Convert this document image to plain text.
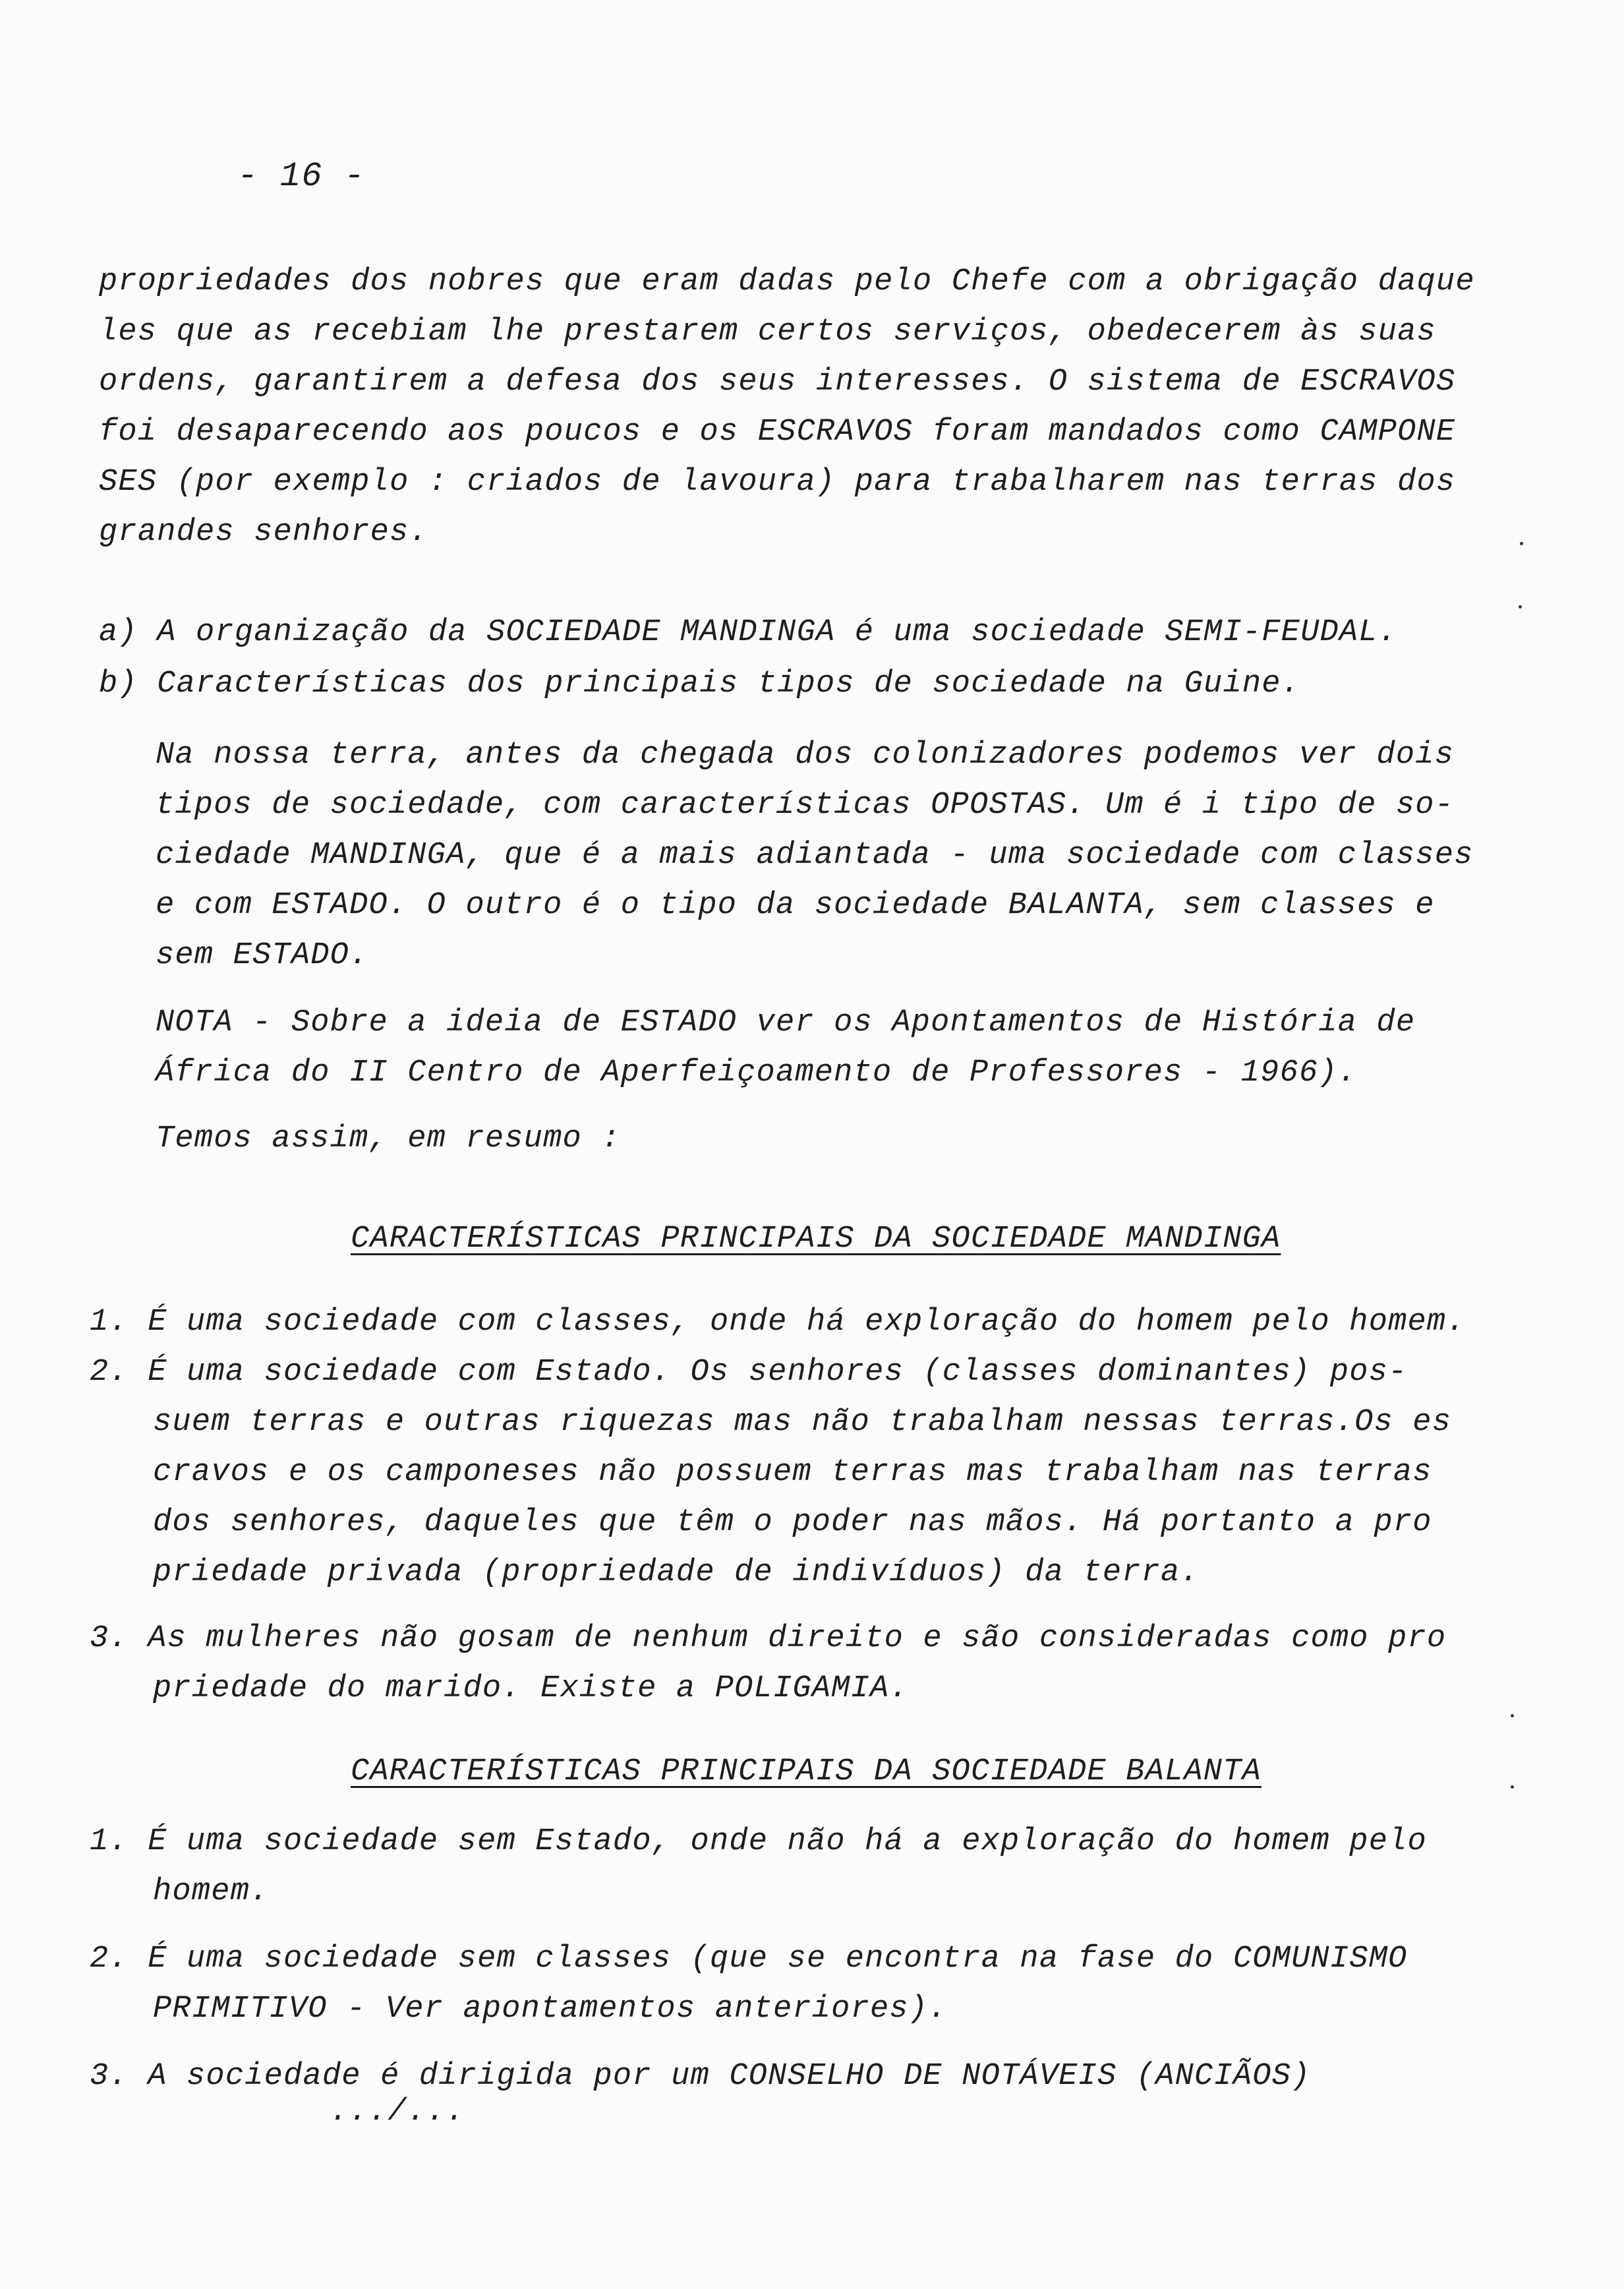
- 16 -
propriedades dos nobres que eram dadas pelo Chefe com a obrigação daque
les que as recebiam lhe prestarem certos serviços, obedecerem às suas
ordens, garantirem a defesa dos seus interesses. O sistema de ESCRAVOS
foi desaparecendo aos poucos e os ESCRAVOS foram mandados como CAMPONE
SES (por exemplo : criados de lavoura) para trabalharem nas terras dos
grandes senhores.
a) A organização da SOCIEDADE MANDINGA é uma sociedade SEMI-FEUDAL.
b) Características dos principais tipos de sociedade na Guine.
Na nossa terra, antes da chegada dos colonizadores podemos ver dois
tipos de sociedade, com características OPOSTAS. Um é i tipo de so-
ciedade MANDINGA, que é a mais adiantada - uma sociedade com classes
e com ESTADO. O outro é o tipo da sociedade BALANTA, sem classes e
sem ESTADO.
NOTA - Sobre a ideia de ESTADO ver os Apontamentos de História de
África do II Centro de Aperfeiçoamento de Professores - 1966).
Temos assim, em resumo :
CARACTERÍSTICAS PRINCIPAIS DA SOCIEDADE MANDINGA
1. É uma sociedade com classes, onde há exploração do homem pelo homem.
2. É uma sociedade com Estado. Os senhores (classes dominantes) pos-
suem terras e outras riquezas mas não trabalham nessas terras.Os es
cravos e os camponeses não possuem terras mas trabalham nas terras
dos senhores, daqueles que têm o poder nas mãos. Há portanto a pro
priedade privada (propriedade de indivíduos) da terra.
3. As mulheres não gosam de nenhum direito e são consideradas como pro
priedade do marido. Existe a POLIGAMIA.
CARACTERÍSTICAS PRINCIPAIS DA SOCIEDADE BALANTA
1. É uma sociedade sem Estado, onde não há a exploração do homem pelo
homem.
2. É uma sociedade sem classes (que se encontra na fase do COMUNISMO
PRIMITIVO - Ver apontamentos anteriores).
3. A sociedade é dirigida por um CONSELHO DE NOTÁVEIS (ANCIÃOS)
.../...
